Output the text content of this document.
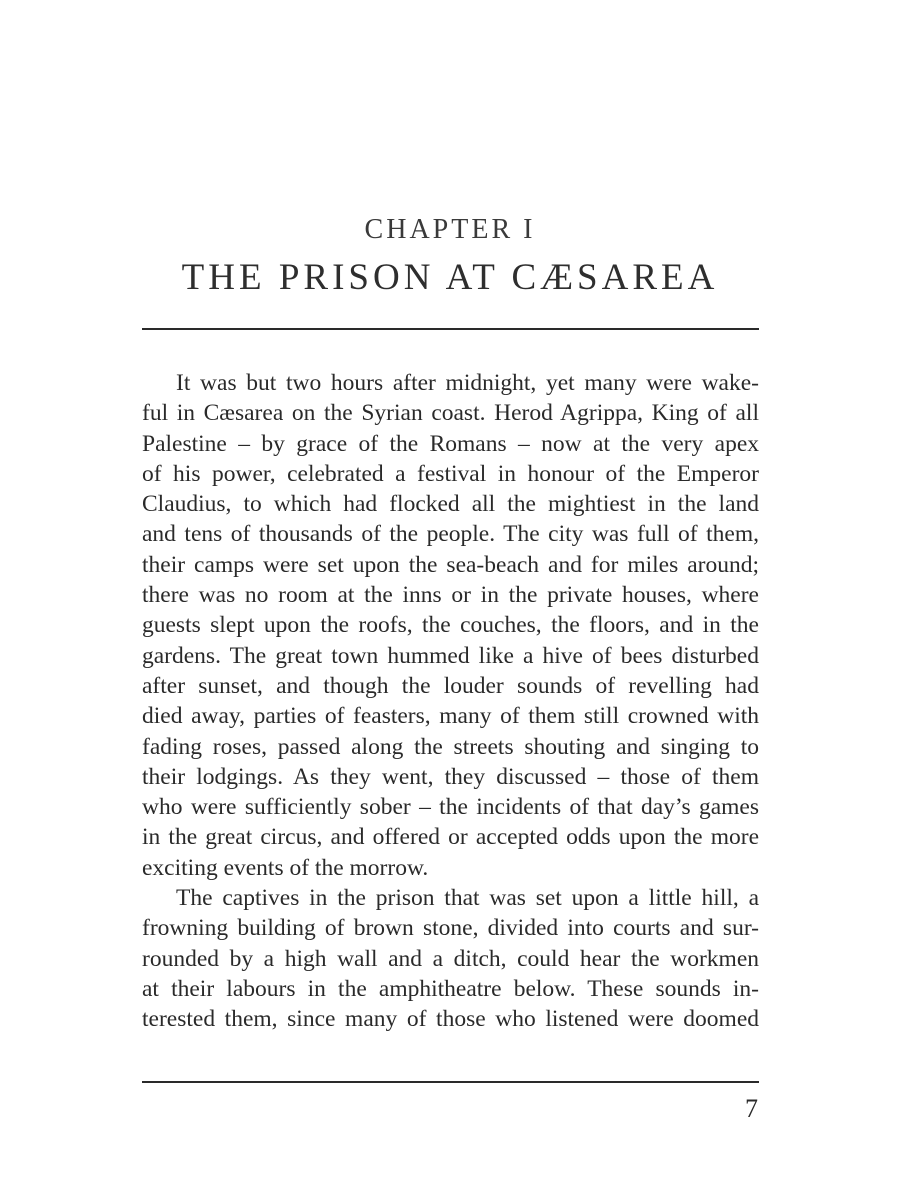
CHAPTER I
THE PRISON AT CÆSAREA
It was but two hours after midnight, yet many were wake-
ful in Cæsarea on the Syrian coast. Herod Agrippa, King of all
Palestine – by grace of the Romans – now at the very apex
of his power, celebrated a festival in honour of the Emperor
Claudius, to which had flocked all the mightiest in the land
and tens of thousands of the people. The city was full of them,
their camps were set upon the sea-beach and for miles around;
there was no room at the inns or in the private houses, where
guests slept upon the roofs, the couches, the floors, and in the
gardens. The great town hummed like a hive of bees disturbed
after sunset, and though the louder sounds of revelling had
died away, parties of feasters, many of them still crowned with
fading roses, passed along the streets shouting and singing to
their lodgings. As they went, they discussed – those of them
who were sufficiently sober – the incidents of that day’s games
in the great circus, and offered or accepted odds upon the more
exciting events of the morrow.
The captives in the prison that was set upon a little hill, a
frowning building of brown stone, divided into courts and sur-
rounded by a high wall and a ditch, could hear the workmen
at their labours in the amphitheatre below. These sounds in-
terested them, since many of those who listened were doomed
7
